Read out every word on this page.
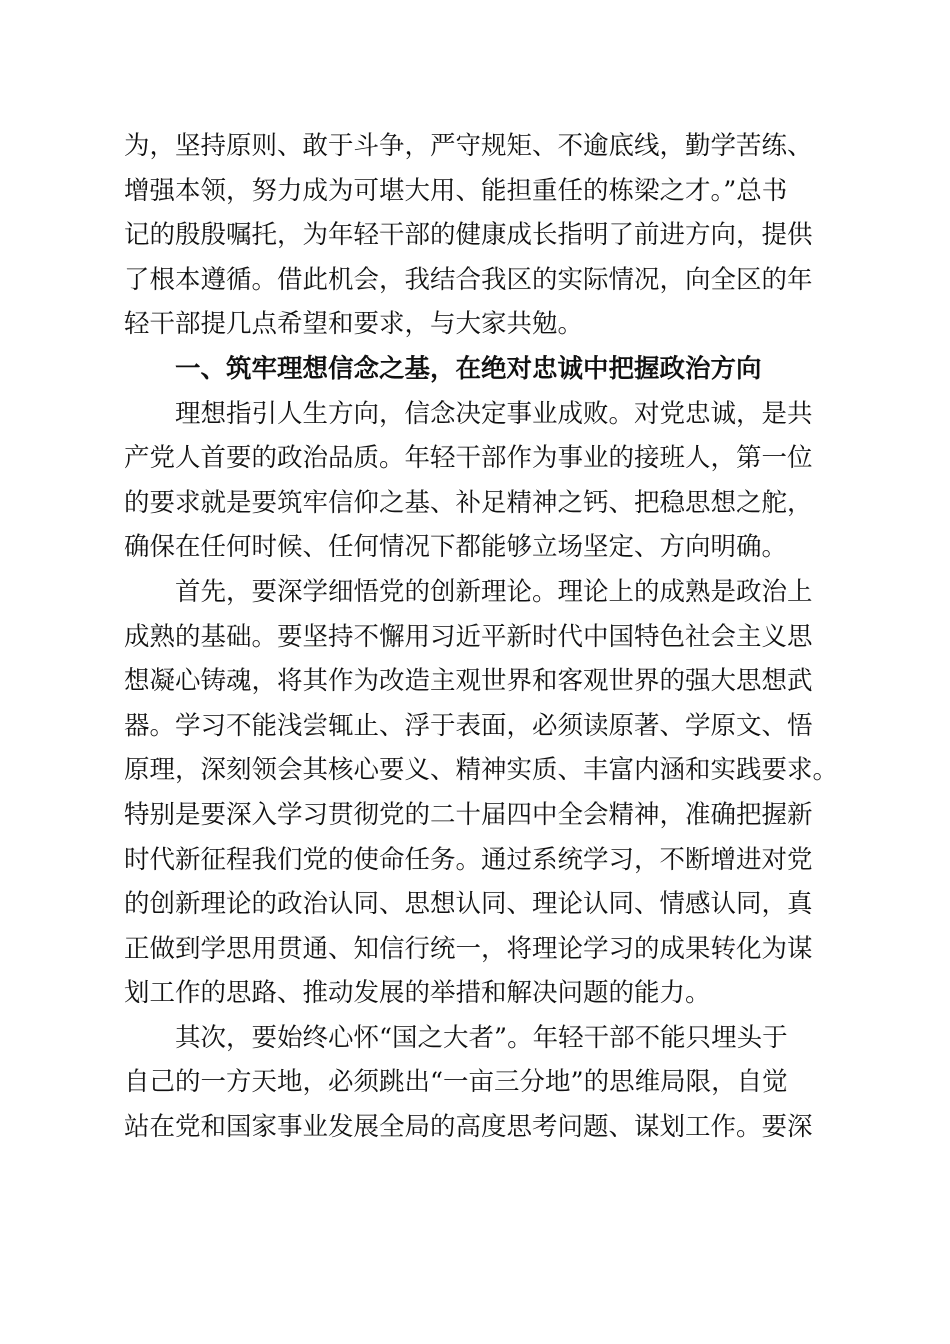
为，坚持原则、敢于斗争，严守规矩、不逾底线，勤学苦练、
增强本领，努力成为可堪大用、能担重任的栋梁之才。”总书
记的殷殷嘱托，为年轻干部的健康成长指明了前进方向，提供
了根本遵循。借此机会，我结合我区的实际情况，向全区的年
轻干部提几点希望和要求，与大家共勉。
　　一、筑牢理想信念之基，在绝对忠诚中把握政治方向
　　理想指引人生方向，信念决定事业成败。对党忠诚，是共
产党人首要的政治品质。年轻干部作为事业的接班人，第一位
的要求就是要筑牢信仰之基、补足精神之钙、把稳思想之舵，
确保在任何时候、任何情况下都能够立场坚定、方向明确。
　　首先，要深学细悟党的创新理论。理论上的成熟是政治上
成熟的基础。要坚持不懈用习近平新时代中国特色社会主义思
想凝心铸魂，将其作为改造主观世界和客观世界的强大思想武
器。学习不能浅尝辄止、浮于表面，必须读原著、学原文、悟
原理，深刻领会其核心要义、精神实质、丰富内涵和实践要求。
特别是要深入学习贯彻党的二十届四中全会精神，准确把握新
时代新征程我们党的使命任务。通过系统学习，不断增进对党
的创新理论的政治认同、思想认同、理论认同、情感认同，真
正做到学思用贯通、知信行统一，将理论学习的成果转化为谋
划工作的思路、推动发展的举措和解决问题的能力。
　　其次，要始终心怀“国之大者”。年轻干部不能只埋头于
自己的一方天地，必须跳出“一亩三分地”的思维局限，自觉
站在党和国家事业发展全局的高度思考问题、谋划工作。要深
